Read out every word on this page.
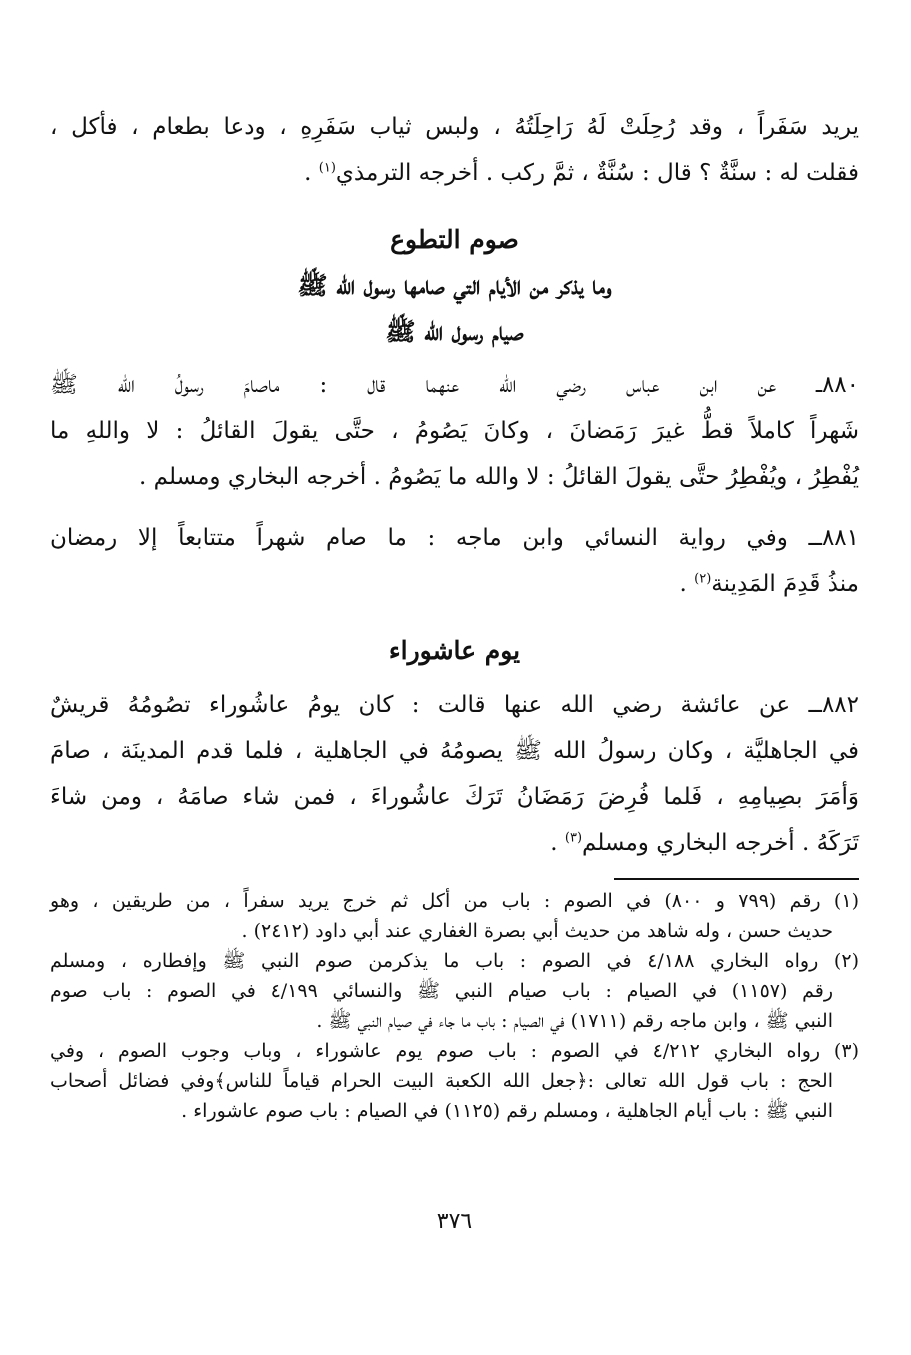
يريد سَفَراً ، وقد رُحِلَتْ لَهُ رَاحِلَتُهُ ، ولبس ثياب سَفَرِهِ ، ودعا بطعام ، فأكل ،

فقلت له : سنَّةٌ ؟ قال : سُنَّةٌ ، ثمَّ ركب . أخرجه الترمذي$^{(١)}$ .

صوم التطوع

وما يذكر من الأيام التي صامها رسول الله ﷺ

صيام رسول الله ﷺ

٨٨٠ــ عن ابن عباس رضي الله عنهما قال : ماصامَ رسولُ الله ﷺ

شَهراً كاملاً قطُّ غيرَ رَمَضانَ ، وكانَ يَصُومُ ، حتَّى يقولَ القائلُ : لا واللهِ ما

يُفْطِرُ ، ويُفْطِرُ حتَّى يقولَ القائلُ : لا والله ما يَصُومُ . أخرجه البخاري ومسلم .

٨٨١ــ وفي رواية النسائي وابن ماجه : ما صام شهراً متتابعاً إلا رمضان

منذُ قَدِمَ المَدِينة$^{(٢)}$ .

يوم عاشوراء

٨٨٢ــ عن عائشة رضي الله عنها قالت : كان يومُ عاشُوراء تصُومُهُ قريشٌ

في الجاهليَّة ، وكان رسولُ الله ﷺ يصومُهُ في الجاهلية ، فلما قدم المدينَة ، صامَ

وَأمَرَ بصِيامِهِ ، فَلما فُرِضَ رَمَضَانُ تَرَكَ عاشُوراءَ ، فمن شاء صامَهُ ، ومن شاءَ

تَرَكَهُ . أخرجه البخاري ومسلم$^{(٣)}$ .

(١) رقم (٧٩٩ و ٨٠٠) في الصوم : باب من أكل ثم خرج يريد سفراً ، من طريقين ، وهو

حديث حسن ، وله شاهد من حديث أبي بصرة الغفاري عند أبي داود (٢٤١٢) .

(٢) رواه البخاري ٤/١٨٨ في الصوم : باب ما يذكرمن صوم النبي ﷺ وإفطاره ، ومسلم

رقم (١١٥٧) في الصيام : باب صيام النبي ﷺ والنسائي ٤/١٩٩ في الصوم : باب صوم

النبي ﷺ ، وابن ماجه رقم (١٧١١) في الصيام : باب ما جاء في صيام النبي ﷺ .

(٣) رواه البخاري ٤/٢١٢ في الصوم : باب صوم يوم عاشوراء ، وباب وجوب الصوم ، وفي

الحج : باب قول الله تعالى :﴿جعل الله الكعبة البيت الحرام قياماً للناس﴾وفي فضائل أصحاب

النبي ﷺ : باب أيام الجاهلية ، ومسلم رقم (١١٢٥) في الصيام : باب صوم عاشوراء .

٣٧٦
